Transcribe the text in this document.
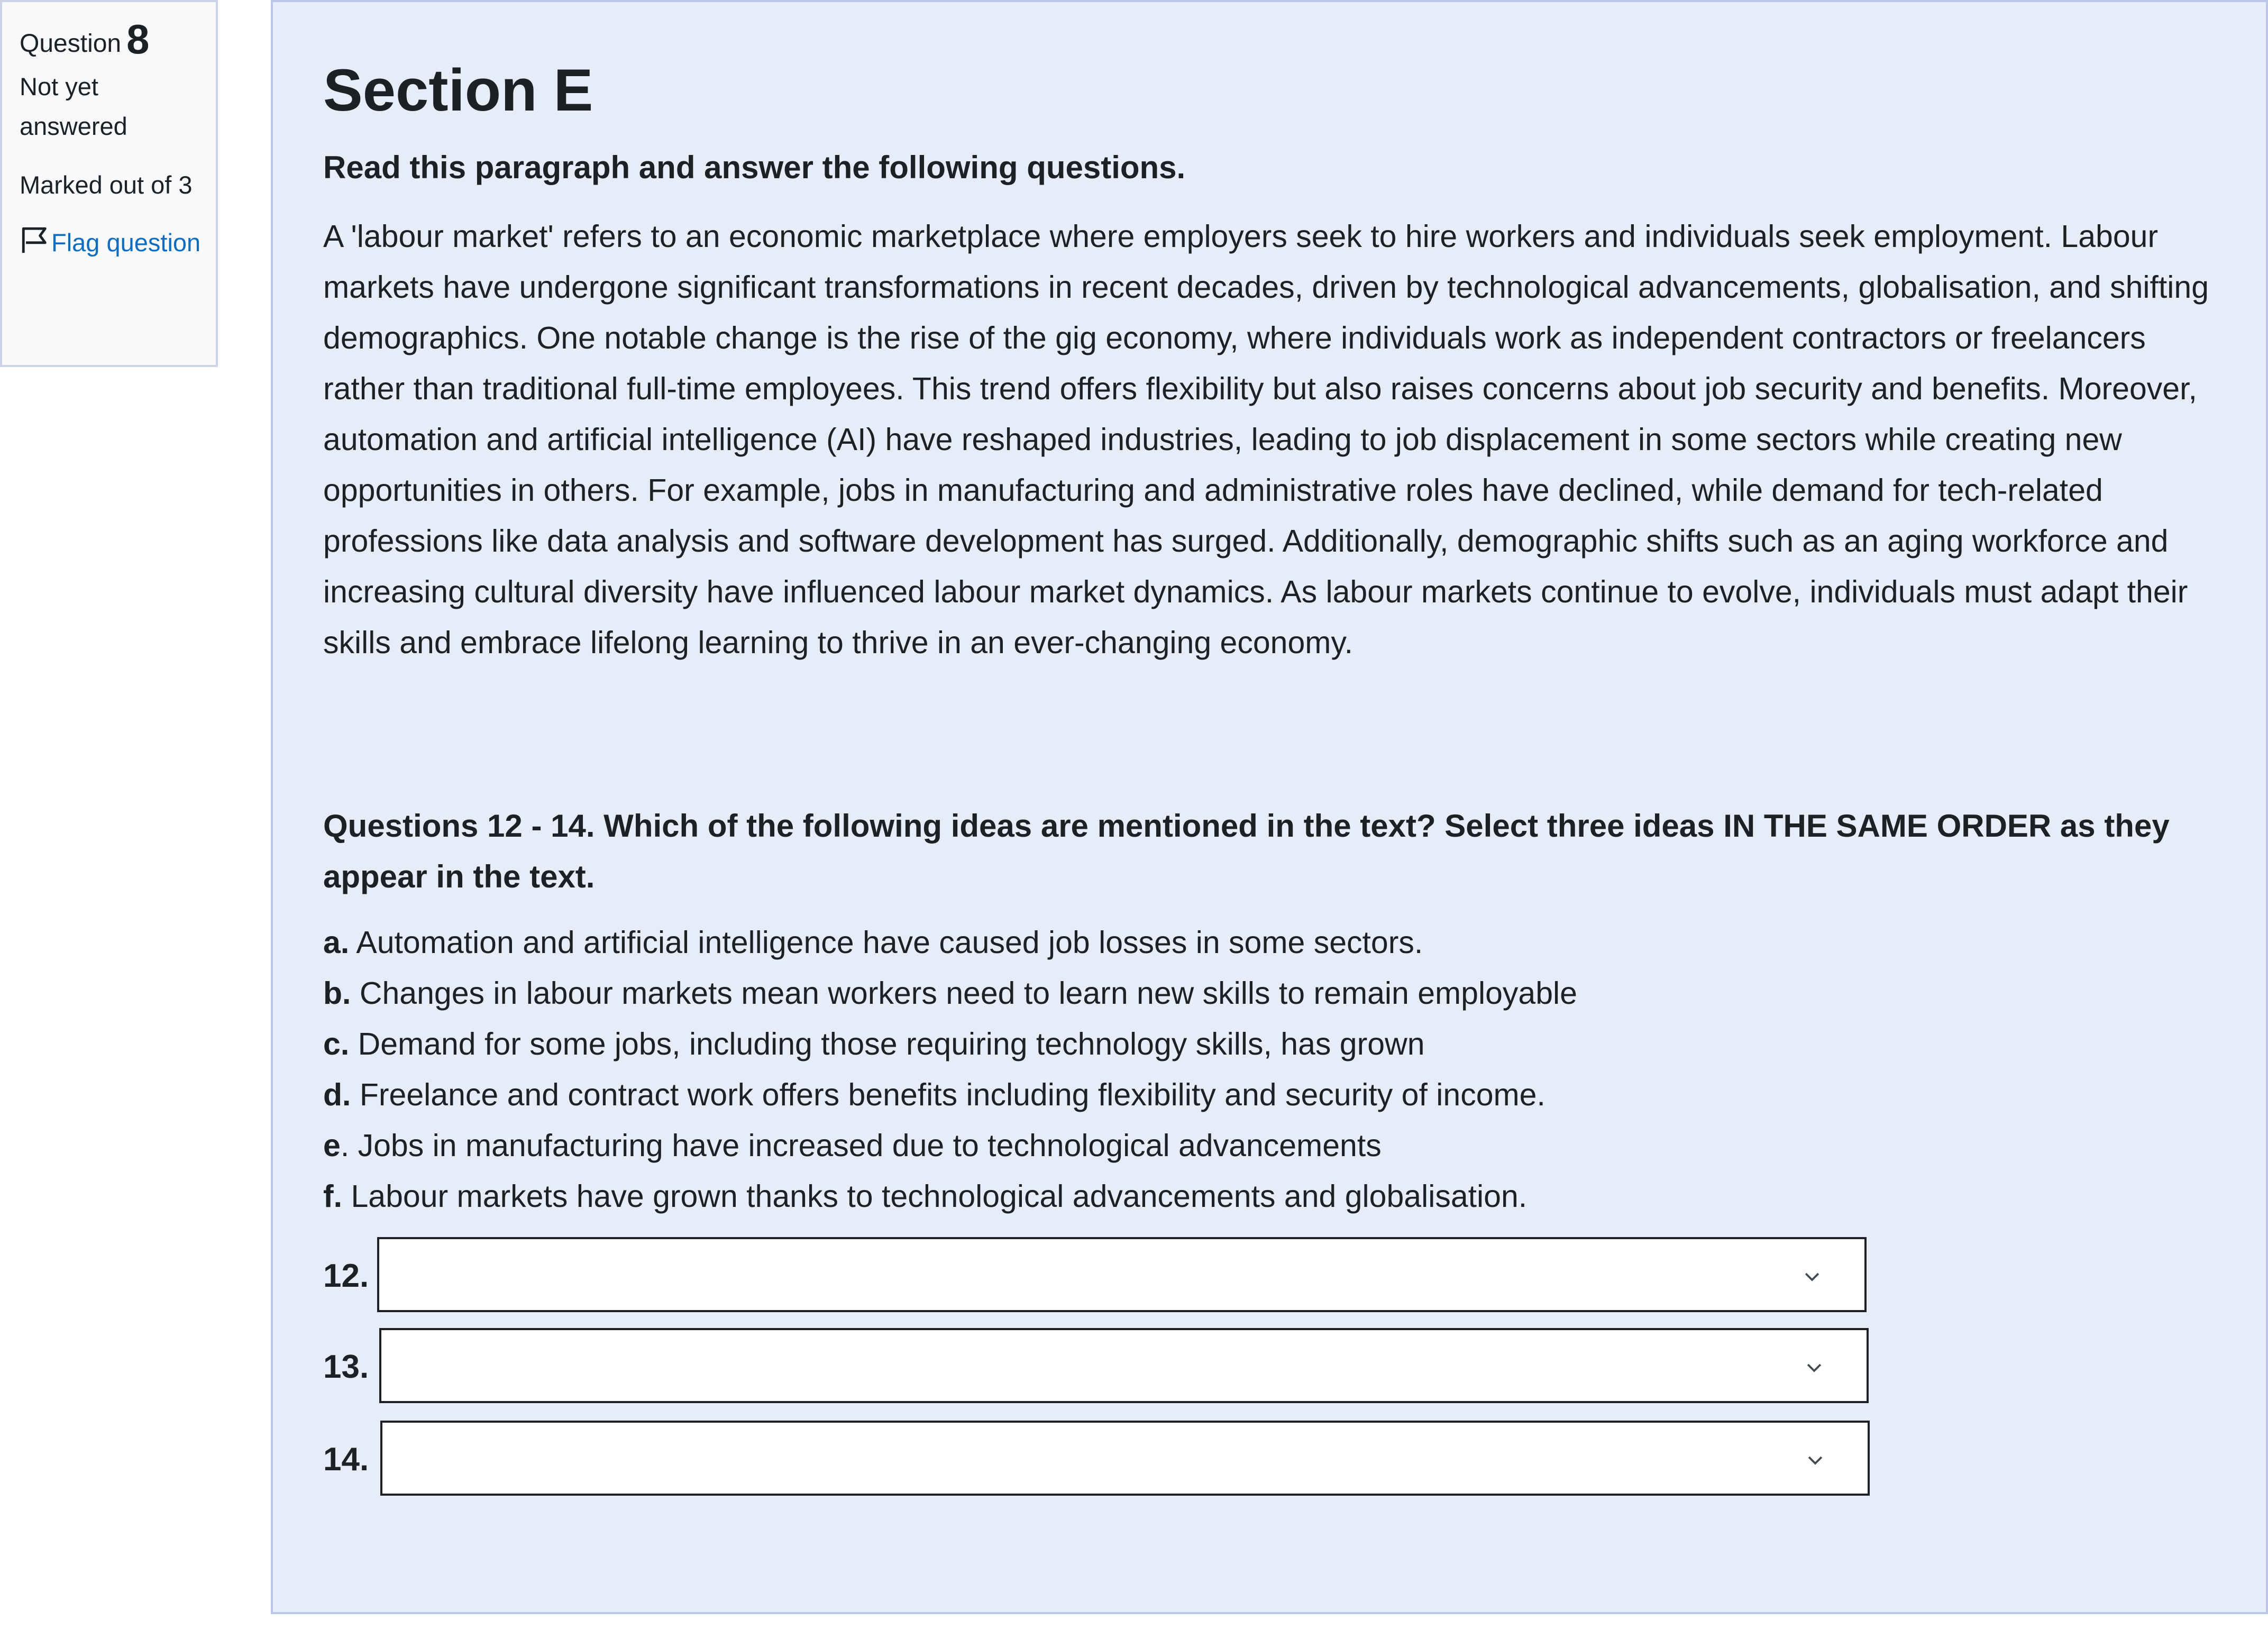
Question 8
Not yet answered
Marked out of 3
Flag question
Section E

Read this paragraph and answer the following questions.

A 'labour market' refers to an economic marketplace where employers seek to hire workers and individuals seek employment. Labour markets have undergone significant transformations in recent decades, driven by technological advancements, globalisation, and shifting demographics. One notable change is the rise of the gig economy, where individuals work as independent contractors or freelancers rather than traditional full-time employees. This trend offers flexibility but also raises concerns about job security and benefits. Moreover, automation and artificial intelligence (AI) have reshaped industries, leading to job displacement in some sectors while creating new opportunities in others. For example, jobs in manufacturing and administrative roles have declined, while demand for tech-related professions like data analysis and software development has surged. Additionally, demographic shifts such as an aging workforce and increasing cultural diversity have influenced labour market dynamics. As labour markets continue to evolve, individuals must adapt their skills and embrace lifelong learning to thrive in an ever-changing economy.

Questions 12 - 14. Which of the following ideas are mentioned in the text? Select three ideas IN THE SAME ORDER as they appear in the text.

a. Automation and artificial intelligence have caused job losses in some sectors.
b. Changes in labour markets mean workers need to learn new skills to remain employable
c. Demand for some jobs, including those requiring technology skills, has grown
d. Freelance and contract work offers benefits including flexibility and security of income.
e. Jobs in manufacturing have increased due to technological advancements
f. Labour markets have grown thanks to technological advancements and globalisation.
12.
13.
14.
